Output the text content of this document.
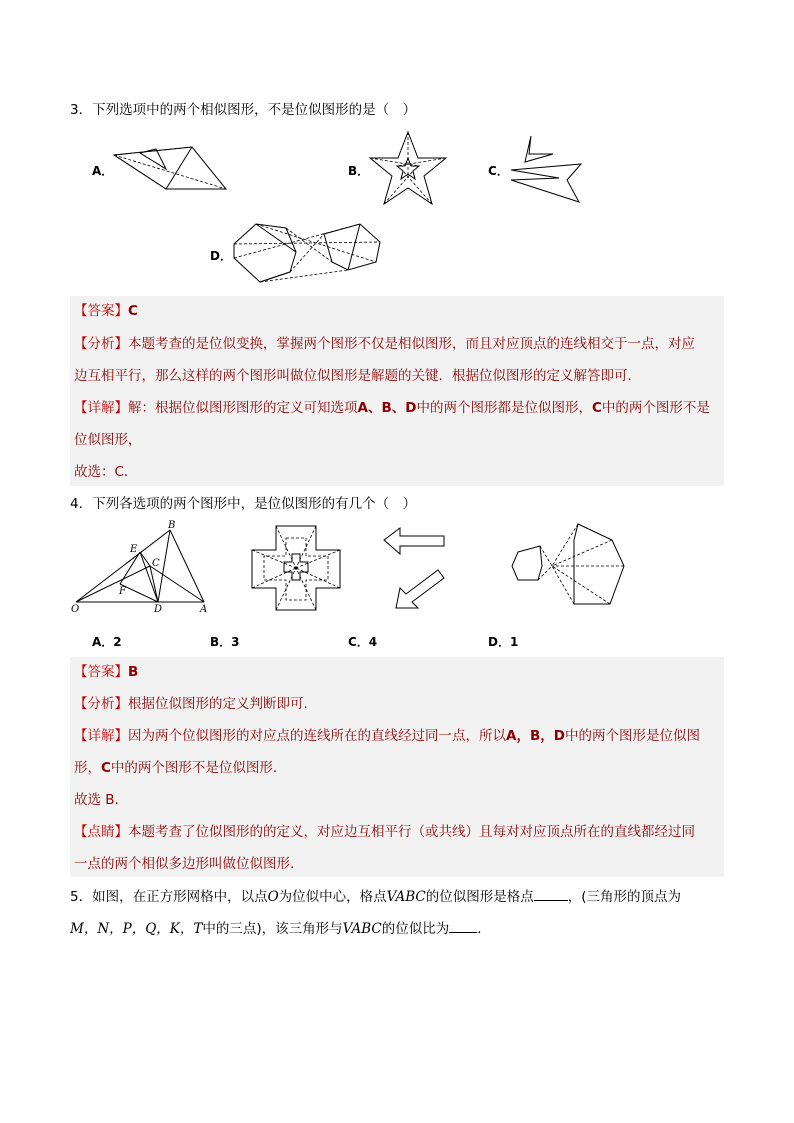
3．下列选项中的两个相似图形，不是位似图形的是（　）
A．	B．	C．
D．
【答案】C
【分析】本题考查的是位似变换，掌握两个图形不仅是相似图形，而且对应顶点的连线相交于一点，对应
边互相平行，那么这样的两个图形叫做位似图形是解题的关键．根据位似图形的定义解答即可．
【详解】解：根据位似图形图形的定义可知选项A、B、D中的两个图形都是位似图形，C中的两个图形不是
位似图形，
故选：C．
4．下列各选项的两个图形中，是位似图形的有几个（　）
B
E
C
F
O	D	A
A．2	B．3	C．4	D．1
【答案】B
【分析】根据位似图形的定义判断即可.
【详解】因为两个位似图形的对应点的连线所在的直线经过同一点，所以A，B，D中的两个图形是位似图
形，C中的两个图形不是位似图形.
故选 B.
【点睛】本题考查了位似图形的的定义，对应边互相平行（或共线）且每对对应顶点所在的直线都经过同
一点的两个相似多边形叫做位似图形.
5．如图，在正方形网格中，以点O为位似中心，格点VABC的位似图形是格点	，(三角形的顶点为
M，N，P，Q，K，T中的三点)，该三角形与VABC的位似比为 ．
